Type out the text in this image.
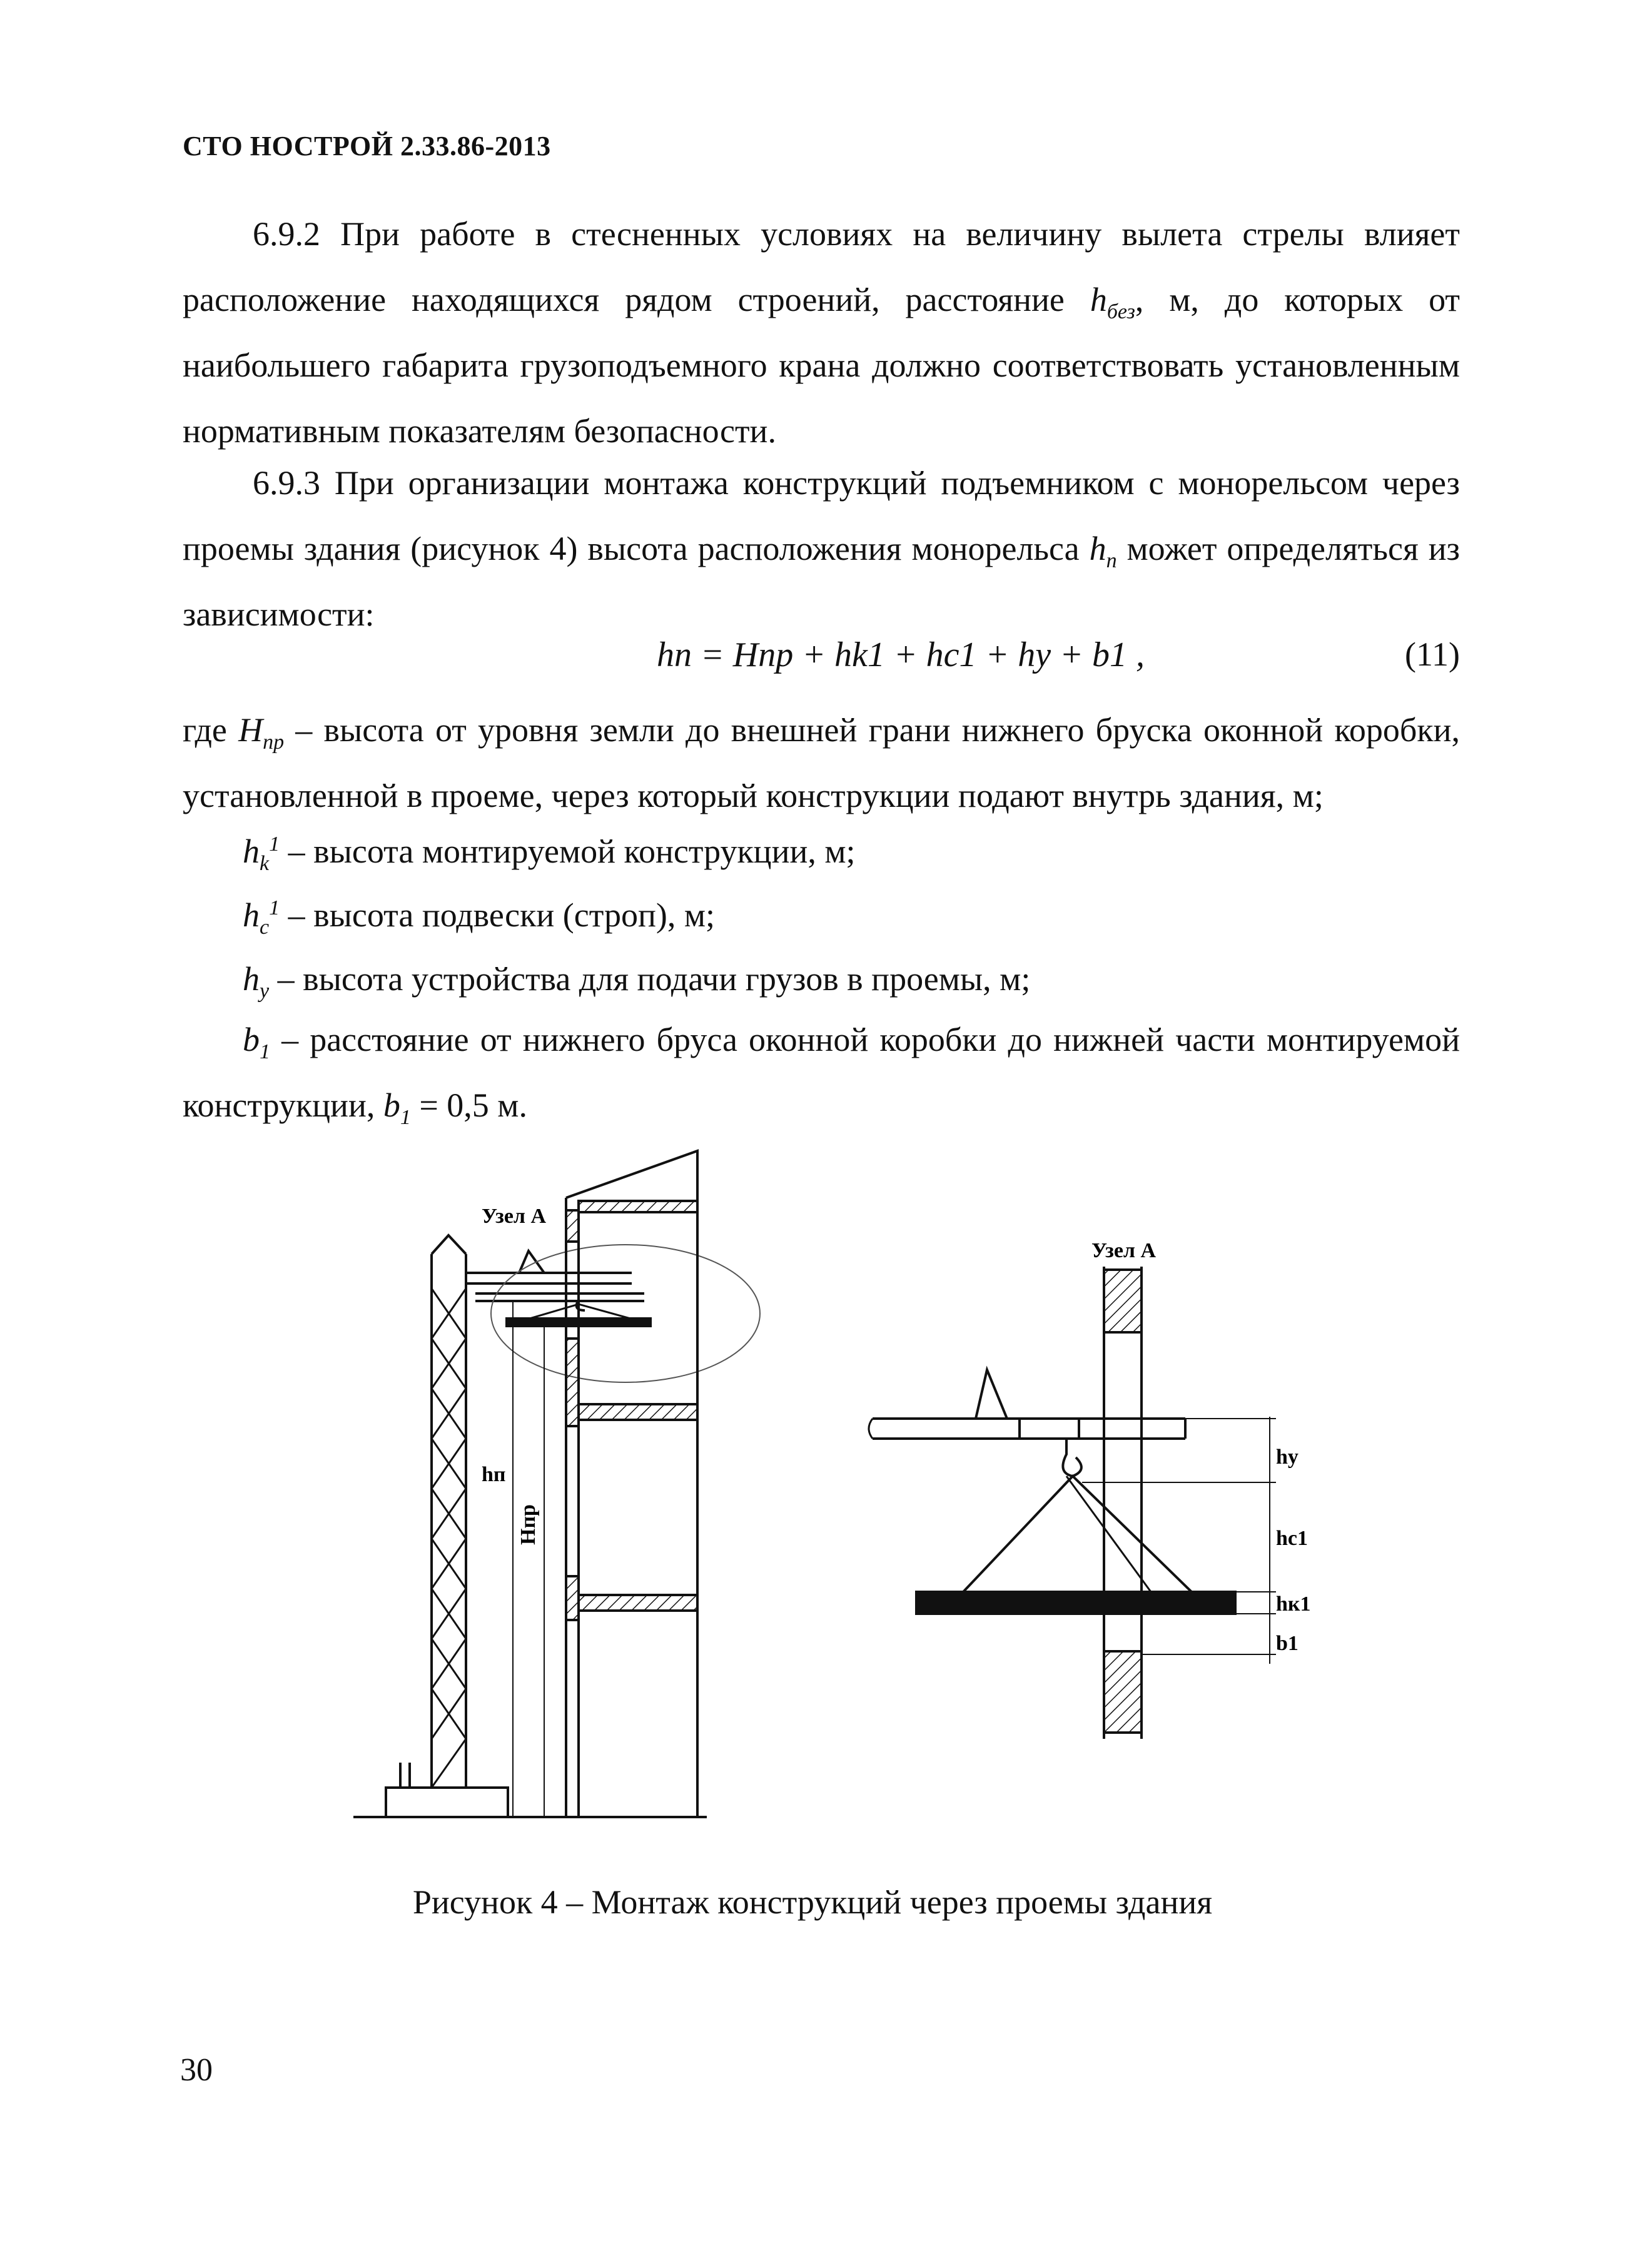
СТО НОСТРОЙ 2.33.86-2013
6.9.2 При работе в стесненных условиях на величину вылета стрелы влияет расположение находящихся рядом строений, расстояние $h_{без}$, м, до которых от наибольшего габарита грузоподъемного крана должно соответствовать установленным нормативным показателям безопасности.
6.9.3 При организации монтажа конструкций подъемником с монорельсом через проемы здания (рисунок 4) высота расположения монорельса $h_п$ может определяться из зависимости:
hп = Hпр + hk1 + hc1 + hу + b1 ,	(11)
где $H_{пр}$ – высота от уровня земли до внешней грани нижнего бруска оконной коробки, установленной в проеме, через который конструкции подают внутрь здания, м;
$h_k^1$ – высота монтируемой конструкции, м;
$h_c^1$ – высота подвески (строп), м;
$h_y$ – высота устройства для подачи грузов в проемы, м;
$b_1$ – расстояние от нижнего бруса оконной коробки до нижней части монтируемой конструкции, $b_1 = 0,5$ м.
Узел А
hп
Hпр
Узел А
hу
hс1
hк1
b1
Рисунок 4 – Монтаж конструкций через проемы здания
30
